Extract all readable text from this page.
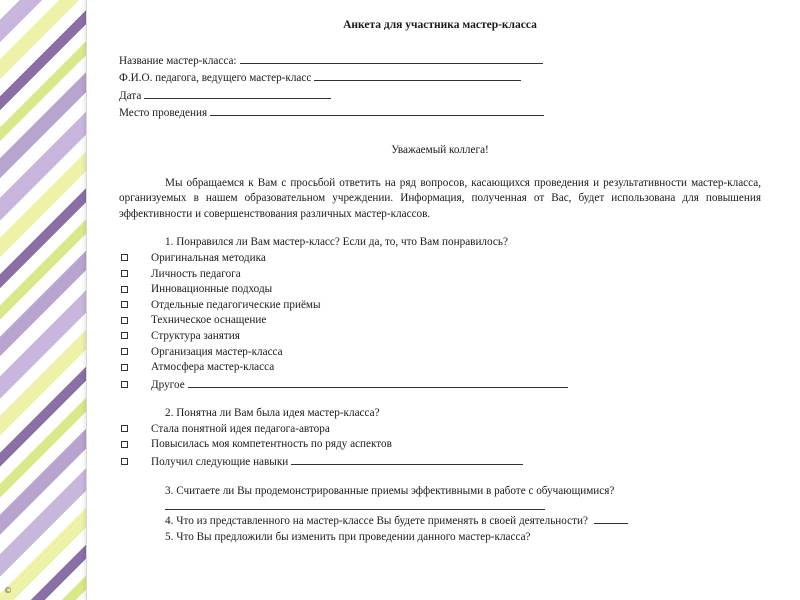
©

Анкета для участника мастер-класса

Название мастер-класса:

Ф.И.О. педагога, ведущего мастер-класс

Дата

Место проведения

Уважаемый коллега!

Мы обращаемся к Вам с просьбой ответить на ряд вопросов, касающихся проведения и результативности мастер-класса, организуемых в нашем образовательном учреждении. Информация, полученная от Вас, будет использована для повышения эффективности и совершенствования различных мастер-классов.

1. Понравился ли Вам мастер-класс? Если да, то, что Вам понравилось?

Оригинальная методика

Личность педагога

Инновационные подходы

Отдельные педагогические приёмы

Техническое оснащение

Структура занятия

Организация мастер-класса

Атмосфера мастер-класса

Другое

2. Понятна ли Вам была идея мастер-класса?

Стала понятной идея педагога-автора

Повысилась моя компетентность по ряду аспектов

Получил следующие навыки

3. Считаете ли Вы продемонстрированные приемы эффективными в работе с обучающимися?

4. Что из представленного на мастер-классе Вы будете применять в своей деятельности?

5. Что Вы предложили бы изменить при проведении данного мастер-класса?
